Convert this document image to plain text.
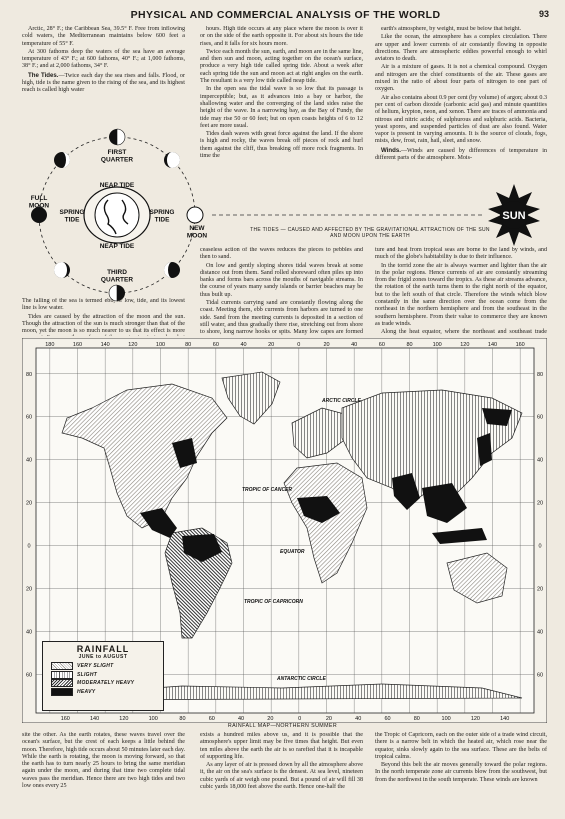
PHYSICAL AND COMMERCIAL ANALYSIS OF THE WORLD	93

Arctic, 28° F.; the Caribbean Sea, 39.5° F. Free from inflowing cold waters, the Mediterranean maintains below 600 feet a temperature of 55° F.

At 300 fathoms deep the waters of the sea have an average temperature of 43° F.; at 600 fathoms, 40° F.; at 1,000 fathoms, 38° F.; and at 2,000 fathoms, 34° F.

The Tides.—Twice each day the sea rises and falls. Flood, or high, tide is the name given to the rising of the sea, and its highest reach is called high water

hours. High tide occurs at any place where the moon is over it or on the side of the earth opposite it. For about six hours the tide rises, and it falls for six hours more.

Twice each month the sun, earth, and moon are in the same line, and then sun and moon, acting together on the ocean's surface, produce a very high tide called spring tide. About a week after each spring tide the sun and moon act at right angles on the earth. The resultant is a very low tide called neap tide.

In the open sea the tidal wave is so low that its passage is imperceptible; but, as it advances into a bay or harbor, the shallowing water and the converging of the land sides raise the height of the wave. In a narrowing bay, as the Bay of Fundy, the tide may rise 50 or 60 feet; but on open coasts heights of 6 to 12 feet are more usual.

Tides dash waves with great force against the land. If the shore is high and rocky, the waves break off pieces of rock and hurl them against the cliff, thus breaking off more rock fragments. In time the

earth's atmosphere, by weight, must be below that height.

Like the ocean, the atmosphere has a complex circulation. There are upper and lower currents of air constantly flowing in opposite directions. There are atmospheric eddies powerful enough to whirl aviators to death.

Air is a mixture of gases. It is not a chemical compound. Oxygen and nitrogen are the chief constituents of the air. These gases are mixed in the ratio of about four parts of nitrogen to one part of oxygen.

Air also contains about 0.9 per cent (by volume) of argon; about 0.3 per cent of carbon dioxide (carbonic acid gas) and minute quantities of helium, krypton, neon, and xenon. There are traces of ammonia and nitrous and nitric acids; of sulphurous and sulphuric acids. Bacteria, yeast spores, and suspended particles of dust are also found. Water vapor is present in varying amounts. It is the source of clouds, fogs, mists, dew, frost, rain, hail, sleet, and snow.

Winds.—Winds are caused by differences of temperature in different parts of the atmosphere. Mois-

FIRST QUARTER
NEAP TIDE
FULL MOON
SPRING TIDE
SPRING TIDE
NEW MOON
NEAP TIDE
THIRD QUARTER
SUN
THE TIDES — CAUSED AND AFFECTED BY THE GRAVITATIONAL ATTRACTION OF THE SUN AND MOON UPON THE EARTH

The falling of the sea is termed ebb, or low, tide, and its lowest line is low water.

Tides are caused by the attraction of the moon and the sun. Though the attraction of the sun is much stronger than that of the moon, yet the moon is so much nearer to us that its effect is more

ceaseless action of the waves reduces the pieces to pebbles and then to sand.

On low and gently sloping shores tidal waves break at some distance out from them. Sand rolled shoreward often piles up into banks and forms bars across the mouths of navigable streams. In the course of years many sandy islands or barrier beaches may be thus built up.

Tidal currents carrying sand are constantly flowing along the coast. Meeting them, ebb currents from harbors are turned to one side. Sand from the meeting currents is deposited in a section of still water, and thus gradually there rise, stretching out from shore to shore, long narrow hooks or spits. Many low capes are formed

ture and heat from tropical seas are borne to the land by winds, and much of the globe's habitability is due to their influence.

In the torrid zone the air is always warmer and lighter than the air in the polar regions. Hence currents of air are constantly streaming from the frigid zones toward the tropics. As these air streams advance, the rotation of the earth turns them to the right north of the equator, but to the left south of that circle. Therefore the winds which blow constantly in the same direction over the ocean come from the northeast in the northern hemisphere and from the southeast in the southern hemisphere. From their value to commerce they are known as trade winds.

Along the heat equator, where the northeast and southeast trade

ARCTIC CIRCLE
TROPIC OF CANCER
EQUATOR
TROPIC OF CAPRICORN
ANTARCTIC CIRCLE
180	160	140	120	100	80	60	40	20	0	20	40	60	80	100	120	140	160
160	140	120	100	80	60	40	20	0	20	40	60	80	100	120	140
80
60
40
20
0
20
40
60
80
60
40
20
0
20
40
60
RAINFALL
JUNE to AUGUST
VERY SLIGHT
SLIGHT
MODERATELY HEAVY
HEAVY
RAINFALL MAP—NORTHERN SUMMER

site the other. As the earth rotates, these waves travel over the ocean's surface, but the crest of each keeps a little behind the moon. Therefore, high tide occurs about 50 minutes later each day. While the earth is rotating, the moon is moving forward, so that the earth has to turn nearly 25 hours to bring the same meridian again under the moon, and during that time two complete tidal waves pass the meridian. Hence there are two high tides and two low ones every 25

exists a hundred miles above us, and it is possible that the atmosphere's upper limit may be five times that height. But even ten miles above the earth the air is so rarefied that it is incapable of supporting life.

As any layer of air is pressed down by all the atmosphere above it, the air on the sea's surface is the densest. At sea level, nineteen cubic yards of air weigh one pound. But a pound of air will fill 38 cubic yards 18,000 feet above the earth. Hence one-half the

the Tropic of Capricorn, each on the outer side of a trade wind circuit, there is a narrow belt in which the heated air, which rose near the equator, sinks slowly again to the sea surface. These are the belts of tropical calms.

Beyond this belt the air moves generally toward the polar regions. In the north temperate zone air currents blow from the southwest, but from the northwest in the south temperate. These winds are known
